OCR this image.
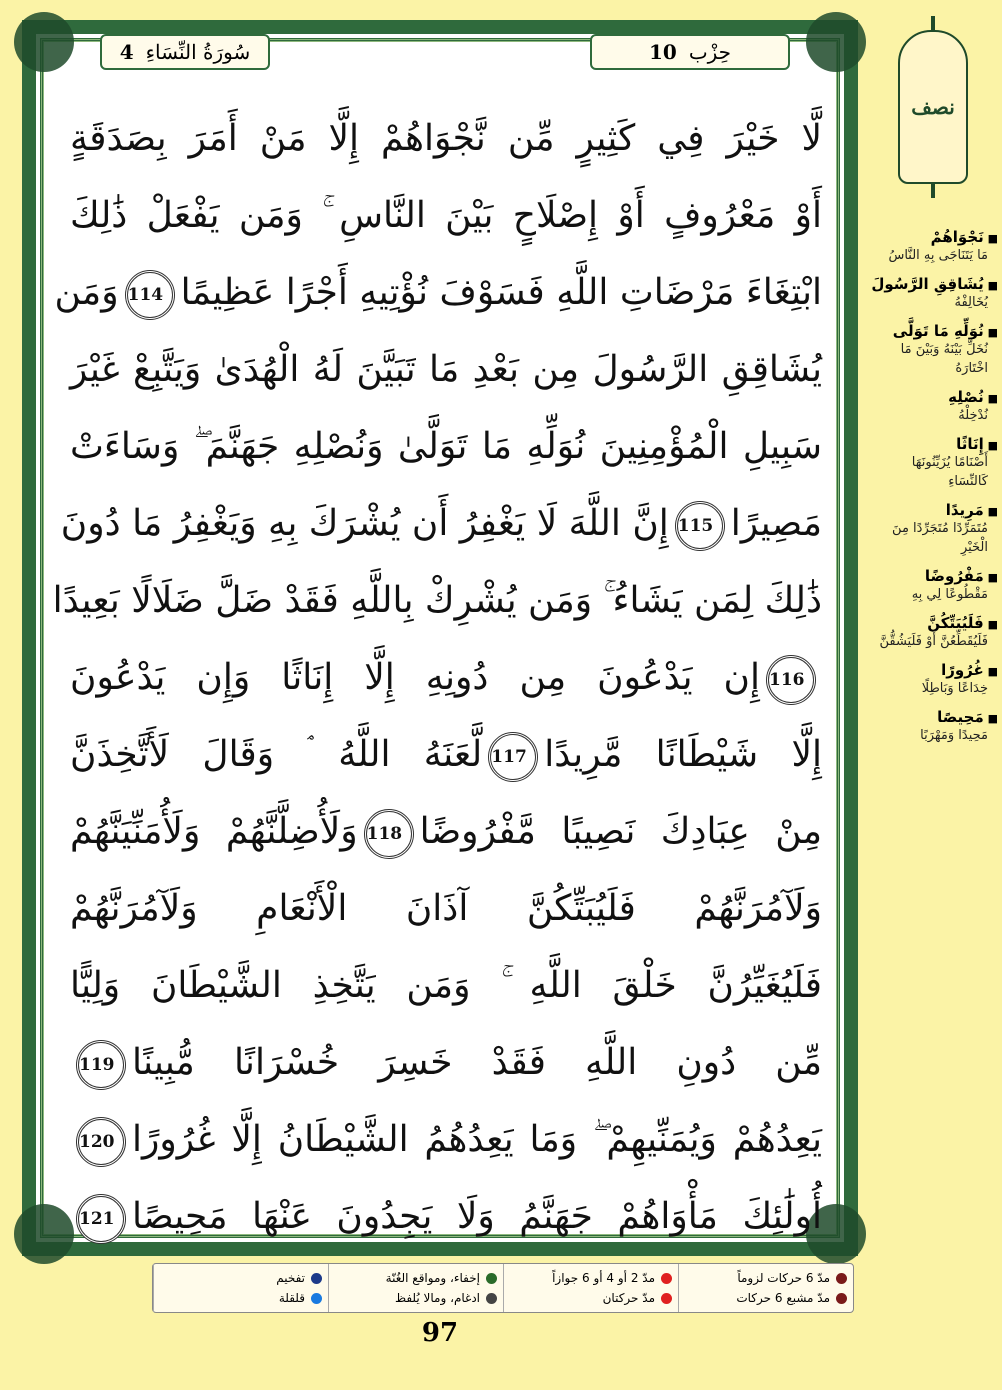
سُورَةُ النِّسَاءِ
4	حِزْب
10
لَّا خَيْرَ فِي كَثِيرٍ مِّن نَّجْوَاهُمْ إِلَّا مَنْ أَمَرَ بِصَدَقَةٍ
أَوْ مَعْرُوفٍ أَوْ إِصْلَاحٍ بَيْنَ النَّاسِ ۚ وَمَن يَفْعَلْ ذَٰلِكَ
ابْتِغَاءَ مَرْضَاتِ اللَّهِ فَسَوْفَ نُؤْتِيهِ أَجْرًا عَظِيمًا114وَمَن
يُشَاقِقِ الرَّسُولَ مِن بَعْدِ مَا تَبَيَّنَ لَهُ الْهُدَىٰ وَيَتَّبِعْ غَيْرَ
سَبِيلِ الْمُؤْمِنِينَ نُوَلِّهِ مَا تَوَلَّىٰ وَنُصْلِهِ جَهَنَّمَ ۖ وَسَاءَتْ
مَصِيرًا115إِنَّ اللَّهَ لَا يَغْفِرُ أَن يُشْرَكَ بِهِ وَيَغْفِرُ مَا دُونَ
ذَٰلِكَ لِمَن يَشَاءُ ۚ وَمَن يُشْرِكْ بِاللَّهِ فَقَدْ ضَلَّ ضَلَالًا بَعِيدًا
116إِن يَدْعُونَ مِن دُونِهِ إِلَّا إِنَاثًا وَإِن يَدْعُونَ
إِلَّا شَيْطَانًا مَّرِيدًا117لَّعَنَهُ اللَّهُ ۘ وَقَالَ لَأَتَّخِذَنَّ
مِنْ عِبَادِكَ نَصِيبًا مَّفْرُوضًا118وَلَأُضِلَّنَّهُمْ وَلَأُمَنِّيَنَّهُمْ
وَلَآمُرَنَّهُمْ فَلَيُبَتِّكُنَّ آذَانَ الْأَنْعَامِ وَلَآمُرَنَّهُمْ
فَلَيُغَيِّرُنَّ خَلْقَ اللَّهِ ۚ وَمَن يَتَّخِذِ الشَّيْطَانَ وَلِيًّا
مِّن دُونِ اللَّهِ فَقَدْ خَسِرَ خُسْرَانًا مُّبِينًا119
يَعِدُهُمْ وَيُمَنِّيهِمْ ۖ وَمَا يَعِدُهُمُ الشَّيْطَانُ إِلَّا غُرُورًا120
أُولَٰئِكَ مَأْوَاهُمْ جَهَنَّمُ وَلَا يَجِدُونَ عَنْهَا مَحِيصًا121
نصف
■ نَجْوَاهُمْ
مَا يَتَنَاجَى بِهِ النَّاسُ
■ يُشَاقِقِ الرَّسُولَ
يُخَالِفْهُ
■ نُوَلِّهِ مَا تَوَلَّى
نُخَلِّ بَيْنَهُ وَبَيْنَ مَا اخْتَارَهُ
■ نُصْلِهِ
نُدْخِلْهُ
■ إِنَاثًا
أَصْنَامًا يُزَيِّنُونَهَا كَالنِّسَاءِ
■ مَرِيدًا
مُتَمَرِّدًا مُتَجَرِّدًا مِنَ الْخَيْرِ
■ مَفْرُوضًا
مَقْطُوعًا لِي بِهِ
■ فَلَيُبَتِّكُنَّ
فَلَيُقَطِّعُنَّ أَوْ فَلَيَشُقُّنَّ
■ غُرُورًا
خِدَاعًا وَبَاطِلًا
■ مَحِيصًا
مَحِيدًا وَمَهْرَبًا
مدّ 6 حركات لزوماً
مدّ مشبع 6 حركات
مدّ 2 أو 4 أو 6 جوازاً
مدّ حركتان
إخفاء، ومواقع الغُنّة
ادغام، ومالا يُلفظ
تفخيم
قلقلة
97
